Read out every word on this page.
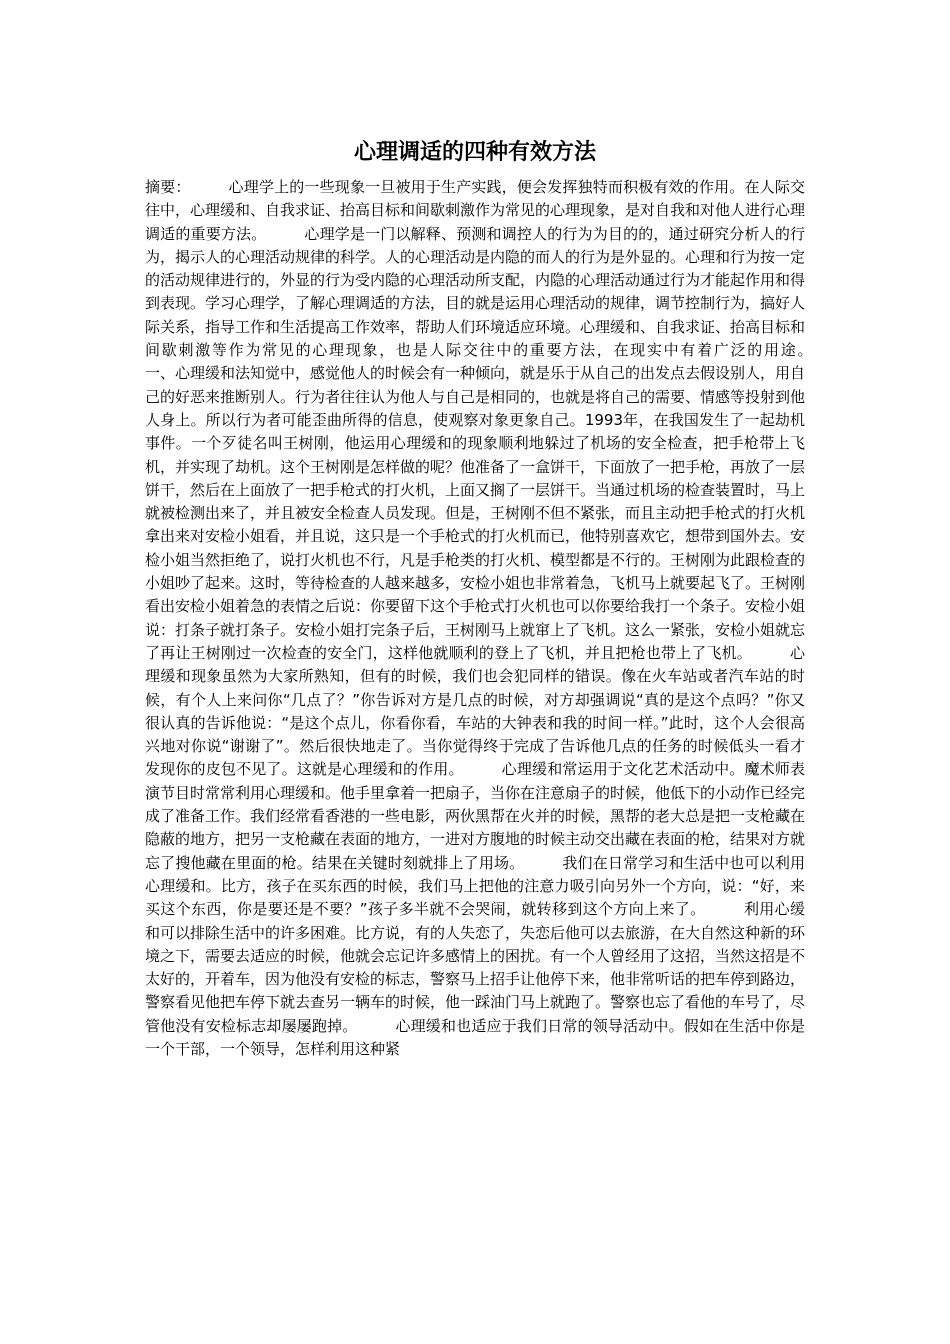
心理调适的四种有效方法

摘要：　　　心理学上的一些现象一旦被用于生产实践，便会发挥独特而积极有效的作用。在人际交往中，心理缓和、自我求证、抬高目标和间歇刺激作为常见的心理现象，是对自我和对他人进行心理调适的重要方法。　　　心理学是一门以解释、预测和调控人的行为为目的的，通过研究分析人的行为，揭示人的心理活动规律的科学。人的心理活动是内隐的而人的行为是外显的。心理和行为按一定的活动规律进行的，外显的行为受内隐的心理活动所支配，内隐的心理活动通过行为才能起作用和得到表现。学习心理学，了解心理调适的方法，目的就是运用心理活动的规律，调节控制行为，搞好人际关系，指导工作和生活提高工作效率，帮助人们环境适应环境。心理缓和、自我求证、抬高目标和间歇刺激等作为常见的心理现象，也是人际交往中的重要方法，在现实中有着广泛的用途。　　　一、心理缓和法知觉中，感觉他人的时候会有一种倾向，就是乐于从自己的出发点去假设别人，用自己的好恶来推断别人。行为者往往认为他人与自己是相同的，也就是将自己的需要、情感等投射到他人身上。所以行为者可能歪曲所得的信息，使观察对象更象自己。1993年，在我国发生了一起劫机事件。一个歹徒名叫王树刚，他运用心理缓和的现象顺利地躲过了机场的安全检查，把手枪带上飞机，并实现了劫机。这个王树刚是怎样做的呢？他准备了一盒饼干，下面放了一把手枪，再放了一层饼干，然后在上面放了一把手枪式的打火机，上面又搁了一层饼干。当通过机场的检查装置时，马上就被检测出来了，并且被安全检查人员发现。但是，王树刚不但不紧张，而且主动把手枪式的打火机拿出来对安检小姐看，并且说，这只是一个手枪式的打火机而已，他特别喜欢它，想带到国外去。安检小姐当然拒绝了，说打火机也不行，凡是手枪类的打火机、模型都是不行的。王树刚为此跟检查的小姐吵了起来。这时，等待检查的人越来越多，安检小姐也非常着急，飞机马上就要起飞了。王树刚看出安检小姐着急的表情之后说：你要留下这个手枪式打火机也可以你要给我打一个条子。安检小姐说：打条子就打条子。安检小姐打完条子后，王树刚马上就窜上了飞机。这么一紧张，安检小姐就忘了再让王树刚过一次检查的安全门，这样他就顺利的登上了飞机，并且把枪也带上了飞机。　　　心理缓和现象虽然为大家所熟知，但有的时候，我们也会犯同样的错误。像在火车站或者汽车站的时候，有个人上来问你“几点了？”你告诉对方是几点的时候，对方却强调说“真的是这个点吗？”你又很认真的告诉他说：“是这个点儿，你看你看，车站的大钟表和我的时间一样。”此时，这个人会很高兴地对你说“谢谢了”。然后很快地走了。当你觉得终于完成了告诉他几点的任务的时候低头一看才发现你的皮包不见了。这就是心理缓和的作用。　　　心理缓和常运用于文化艺术活动中。魔术师表演节目时常常利用心理缓和。他手里拿着一把扇子，当你在注意扇子的时候，他低下的小动作已经完成了准备工作。我们经常看香港的一些电影，两伙黑帮在火并的时候，黑帮的老大总是把一支枪藏在隐蔽的地方，把另一支枪藏在表面的地方，一进对方腹地的时候主动交出藏在表面的枪，结果对方就忘了搜他藏在里面的枪。结果在关键时刻就排上了用场。　　　我们在日常学习和生活中也可以利用心理缓和。比方，孩子在买东西的时候，我们马上把他的注意力吸引向另外一个方向，说：“好，来买这个东西，你是要还是不要？”孩子多半就不会哭闹，就转移到这个方向上来了。　　　利用心缓和可以排除生活中的许多困难。比方说，有的人失恋了，失恋后他可以去旅游，在大自然这种新的环境之下，需要去适应的时候，他就会忘记许多感情上的困扰。有一个人曾经用了这招，当然这招是不太好的，开着车，因为他没有安检的标志，警察马上招手让他停下来，他非常听话的把车停到路边，警察看见他把车停下就去查另一辆车的时候，他一踩油门马上就跑了。警察也忘了看他的车号了，尽管他没有安检标志却屡屡跑掉。　　　心理缓和也适应于我们日常的领导活动中。假如在生活中你是一个干部，一个领导，怎样利用这种紧
